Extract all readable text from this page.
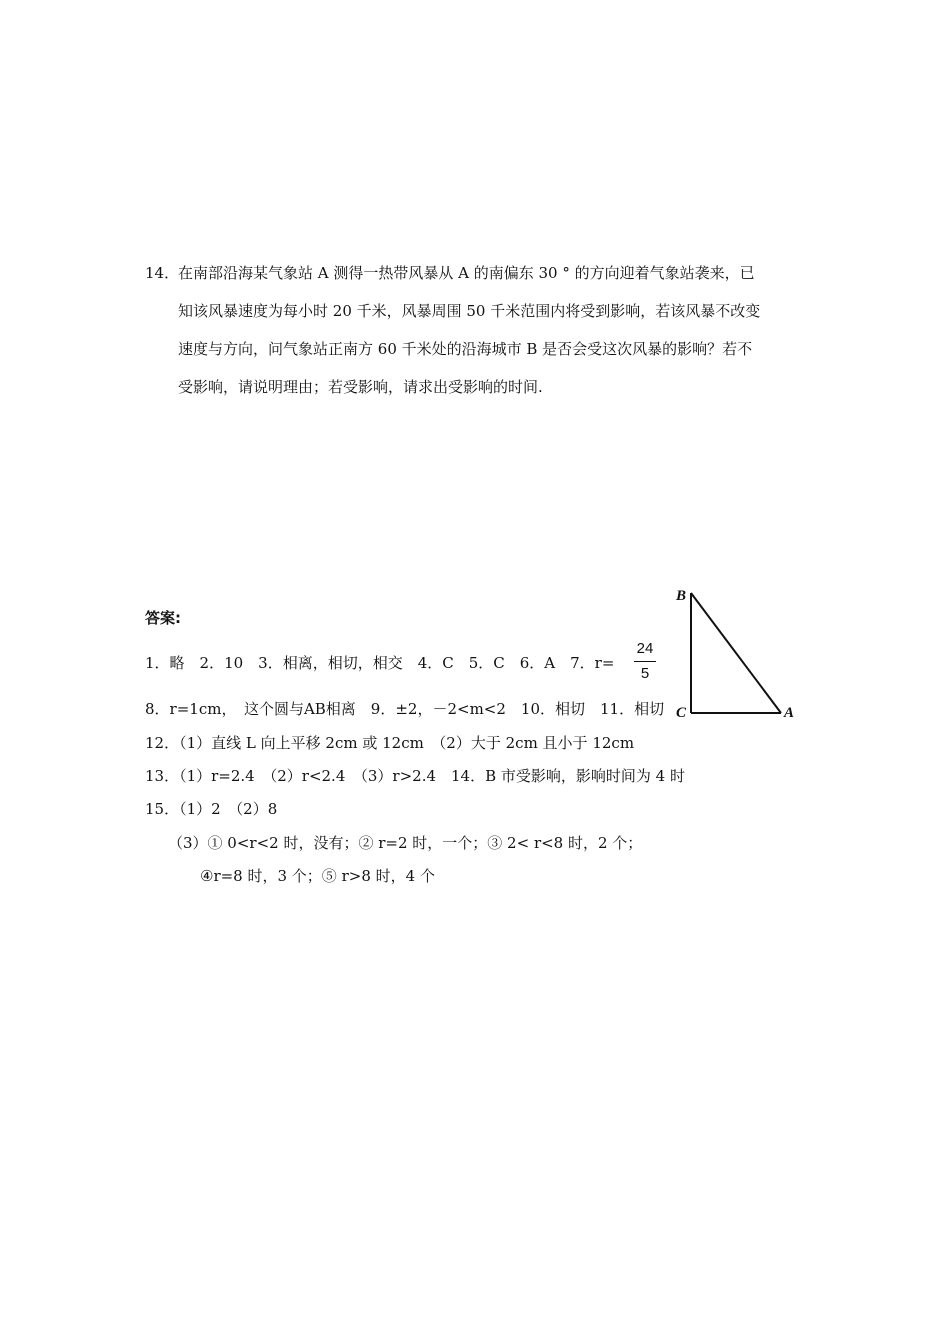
14．
在南部沿海某气象站 A 测得一热带风暴从 A 的南偏东 30 ° 的方向迎着气象站袭来，已
知该风暴速度为每小时 20 千米，风暴周围 50 千米范围内将受到影响，若该风暴不改变
速度与方向，问气象站正南方 60 千米处的沿海城市 B 是否会受这次风暴的影响？若不
受影响，请说明理由；若受影响，请求出受影响的时间.
答案:
1．略　2．10　3．相离，相切，相交　4．C　5．C　6．A　7．r=
24
5
8．r=1cm，　这个圆与AB相离　9．±2，－2<m<2　10．相切　11．相切
12．（1）直线 L 向上平移 2cm 或 12cm　（2）大于 2cm 且小于 12cm
13．（1）r=2.4　（2）r<2.4　（3）r>2.4　14．B 市受影响，影响时间为 4 时
15．（1）2　（2）8
（3）① 0<r<2 时，没有；② r=2 时，一个；③ 2< r<8 时，2 个；
④r=8 时，3 个；⑤ r>8 时，4 个
B
C	A
